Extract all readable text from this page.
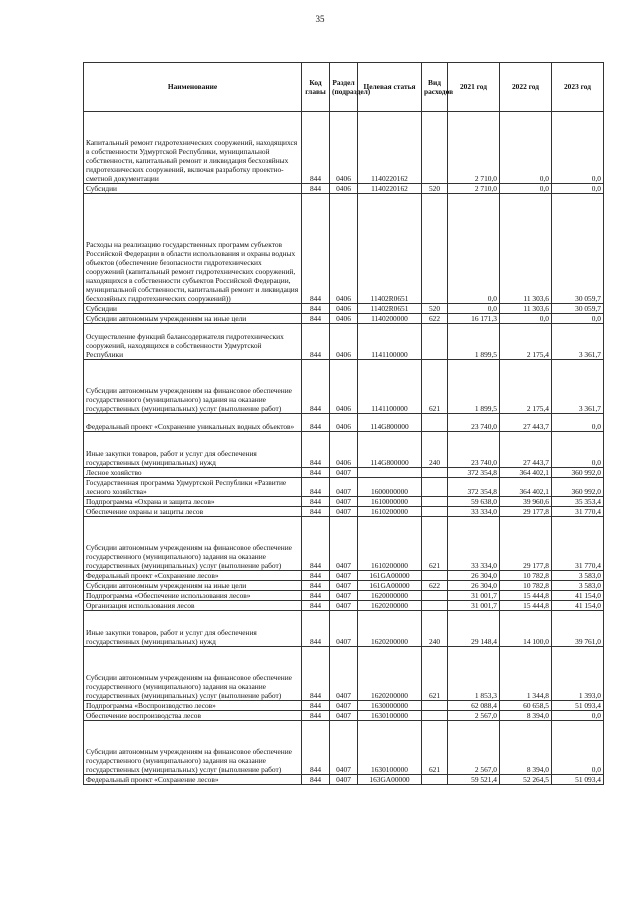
35
Наименование	Код главы	Раздел (подраздел)	Целевая статья	Вид расходов	2021 год	2022 год	2023 год
Капитальный ремонт гидротехнических сооружений, находящихся в собственности Удмуртской Республики, муниципальной собственности, капитальный ремонт и ликвидация бесхозяйных гидротехнических сооружений, включая разработку проектно-сметной документации	844	0406	1140220162		2 710,0	0,0	0,0
Субсидии	844	0406	1140220162	520	2 710,0	0,0	0,0
Расходы на реализацию государственных программ субъектов Российской Федерации в области использования и охраны водных объектов (обеспечение безопасности гидротехнических сооружений (капитальный ремонт гидротехнических сооружений, находящихся в собственности субъектов Российской Федерации, муниципальной собственности, капитальный ремонт и ликвидация бесхозяйных гидротехнических сооружений))	844	0406	11402R0651		0,0	11 303,6	30 059,7
Субсидии	844	0406	11402R0651	520	0,0	11 303,6	30 059,7
Субсидии автономным учреждениям на иные цели	844	0406	1140200000	622	16 171,3	0,0	0,0
Осуществление функций балансодержателя гидротехнических сооружений, находящихся в собственности Удмуртской Республики	844	0406	1141100000		1 899,5	2 175,4	3 361,7
Субсидии автономным учреждениям на финансовое обеспечение государственного (муниципального) задания на оказание государственных (муниципальных) услуг (выполнение работ)	844	0406	1141100000	621	1 899,5	2 175,4	3 361,7
Федеральный проект «Сохранение уникальных водных объектов»	844	0406	114G800000		23 740,0	27 443,7	0,0
Иные закупки товаров, работ и услуг для обеспечения государственных (муниципальных) нужд	844	0406	114G800000	240	23 740,0	27 443,7	0,0
Лесное хозяйство	844	0407			372 354,8	364 402,1	360 992,0
Государственная программа Удмуртской Республики «Развитие лесного хозяйства»	844	0407	1600000000		372 354,8	364 402,1	360 992,0
Подпрограмма «Охрана и защита лесов»	844	0407	1610000000		59 638,0	39 960,6	35 353,4
Обеспечение охраны и защиты лесов	844	0407	1610200000		33 334,0	29 177,8	31 770,4
Субсидии автономным учреждениям на финансовое обеспечение государственного (муниципального) задания на оказание государственных (муниципальных) услуг (выполнение работ)	844	0407	1610200000	621	33 334,0	29 177,8	31 770,4
Федеральный проект «Сохранение лесов»	844	0407	161GA00000		26 304,0	10 782,8	3 583,0
Субсидии автономным учреждениям на иные цели	844	0407	161GA00000	622	26 304,0	10 782,8	3 583,0
Подпрограмма «Обеспечение использования лесов»	844	0407	1620000000		31 001,7	15 444,8	41 154,0
Организация использования лесов	844	0407	1620200000		31 001,7	15 444,8	41 154,0
Иные закупки товаров, работ и услуг для обеспечения государственных (муниципальных) нужд	844	0407	1620200000	240	29 148,4	14 100,0	39 761,0
Субсидии автономным учреждениям на финансовое обеспечение государственного (муниципального) задания на оказание государственных (муниципальных) услуг (выполнение работ)	844	0407	1620200000	621	1 853,3	1 344,8	1 393,0
Подпрограмма «Воспроизводство лесов»	844	0407	1630000000		62 088,4	60 658,5	51 093,4
Обеспечение воспроизводства лесов	844	0407	1630100000		2 567,0	8 394,0	0,0
Субсидии автономным учреждениям на финансовое обеспечение государственного (муниципального) задания на оказание государственных (муниципальных) услуг (выполнение работ)	844	0407	1630100000	621	2 567,0	8 394,0	0,0
Федеральный проект «Сохранение лесов»	844	0407	163GA00000		59 521,4	52 264,5	51 093,4
